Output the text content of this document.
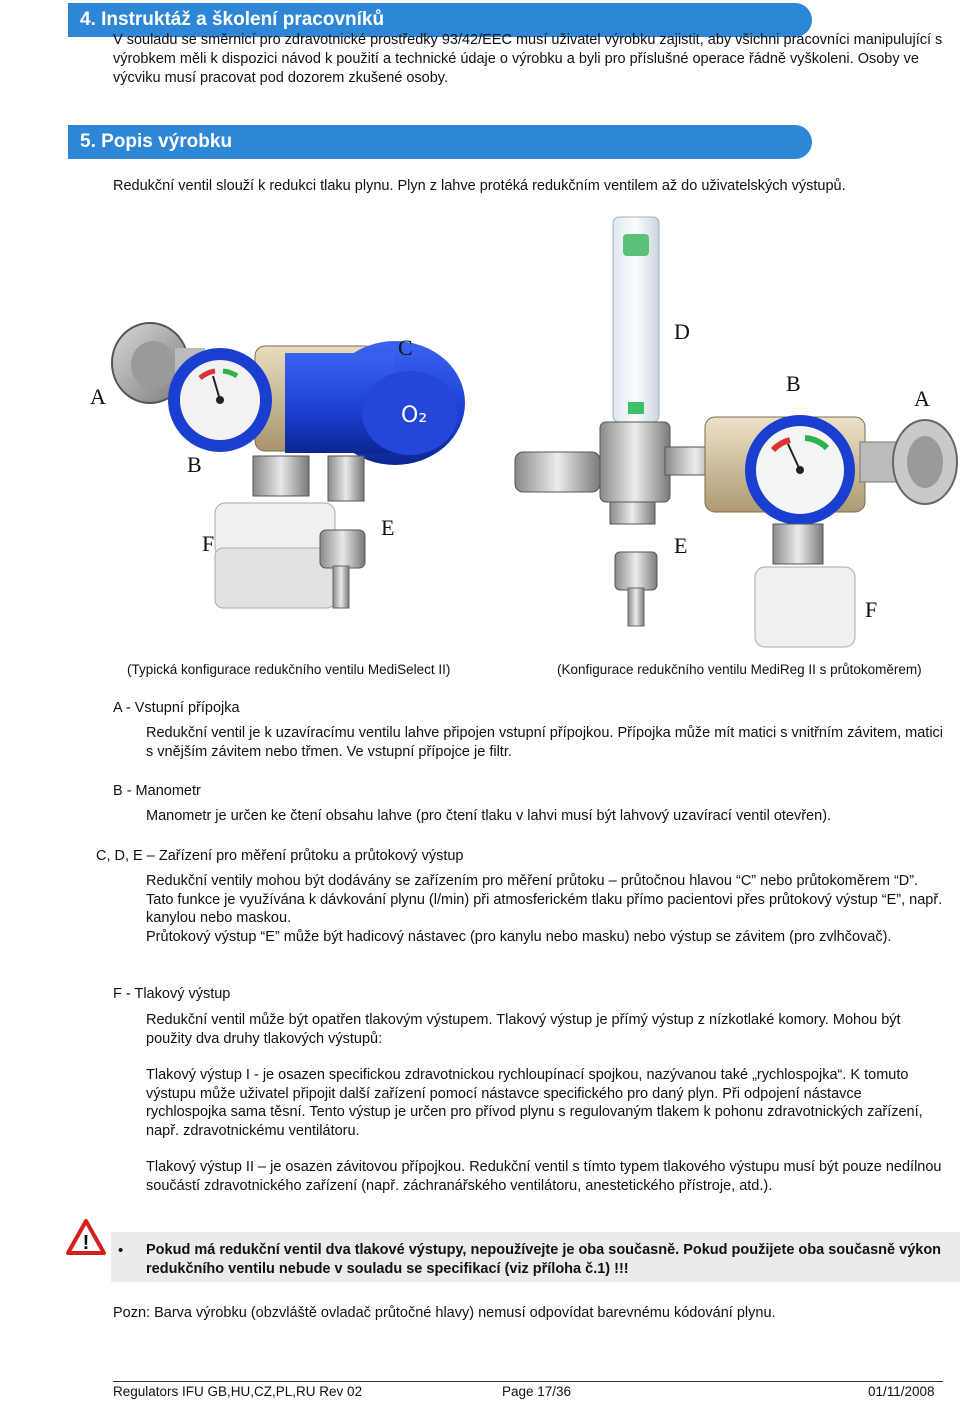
4. Instruktáž a školení pracovníků
V souladu se směrnicí pro zdravotnické prostředky 93/42/EEC musí uživatel výrobku zajistit, aby všichni pracovníci manipulující s výrobkem měli k dispozici návod k použití a technické údaje o výrobku a byli pro příslušné operace řádně vyškoleni. Osoby ve výcviku musí pracovat pod dozorem zkušené osoby.
5. Popis výrobku
Redukční ventil slouží k redukci tlaku plynu. Plyn z lahve protéká redukčním ventilem až do uživatelských výstupů.
O₂
A
C
B
F
E
D
B
A
E
F
(Typická konfigurace redukčního ventilu MediSelect II)	(Konfigurace redukčního ventilu MediReg II s průtokoměrem)
A - Vstupní přípojka

Redukční ventil je k uzavíracímu ventilu lahve připojen vstupní přípojkou. Přípojka může mít matici s vnitřním závitem, matici s vnějším závitem nebo třmen. Ve vstupní přípojce je filtr.

B - Manometr

Manometr je určen ke čtení obsahu lahve (pro čtení tlaku v lahvi musí být lahvový uzavírací ventil otevřen).

C, D, E – Zařízení pro měření průtoku a průtokový výstup

Redukční ventily mohou být dodávány se zařízením pro měření průtoku – průtočnou hlavou “C” nebo průtokoměrem “D”. Tato funkce je využívána k dávkování plynu (l/min) při atmosferickém tlaku přímo pacientovi přes průtokový výstup “E”, např. kanylou nebo maskou.

Průtokový výstup “E” může být hadicový nástavec (pro kanylu nebo masku) nebo výstup se závitem (pro zvlhčovač).

F - Tlakový výstup

Redukční ventil může být opatřen tlakovým výstupem. Tlakový výstup je přímý výstup z nízkotlaké komory. Mohou být použity dva druhy tlakových výstupů:

Tlakový výstup I - je osazen specifickou zdravotnickou rychloupínací spojkou, nazývanou také „rychlospojka“. K tomuto výstupu může uživatel připojit další zařízení pomocí nástavce specifického pro daný plyn. Při odpojení nástavce rychlospojka sama těsní. Tento výstup je určen pro přívod plynu s regulovaným tlakem k pohonu zdravotnických zařízení, např. zdravotnickému ventilátoru.

Tlakový výstup II – je osazen závitovou přípojkou. Redukční ventil s tímto typem tlakového výstupu musí být pouze nedílnou součástí zdravotnického zařízení (např. záchranářského ventilátoru, anestetického přístroje, atd.).

! • Pokud má redukční ventil dva tlakové výstupy, nepoužívejte je oba současně. Pokud použijete oba současně výkon redukčního ventilu nebude v souladu se specifikací (viz příloha č.1) !!!
Pozn: Barva výrobku (obzvláště ovladač průtočné hlavy) nemusí odpovídat barevnému kódování plynu.
Regulators IFU GB,HU,CZ,PL,RU Rev 02	Page 17/36	01/11/2008
